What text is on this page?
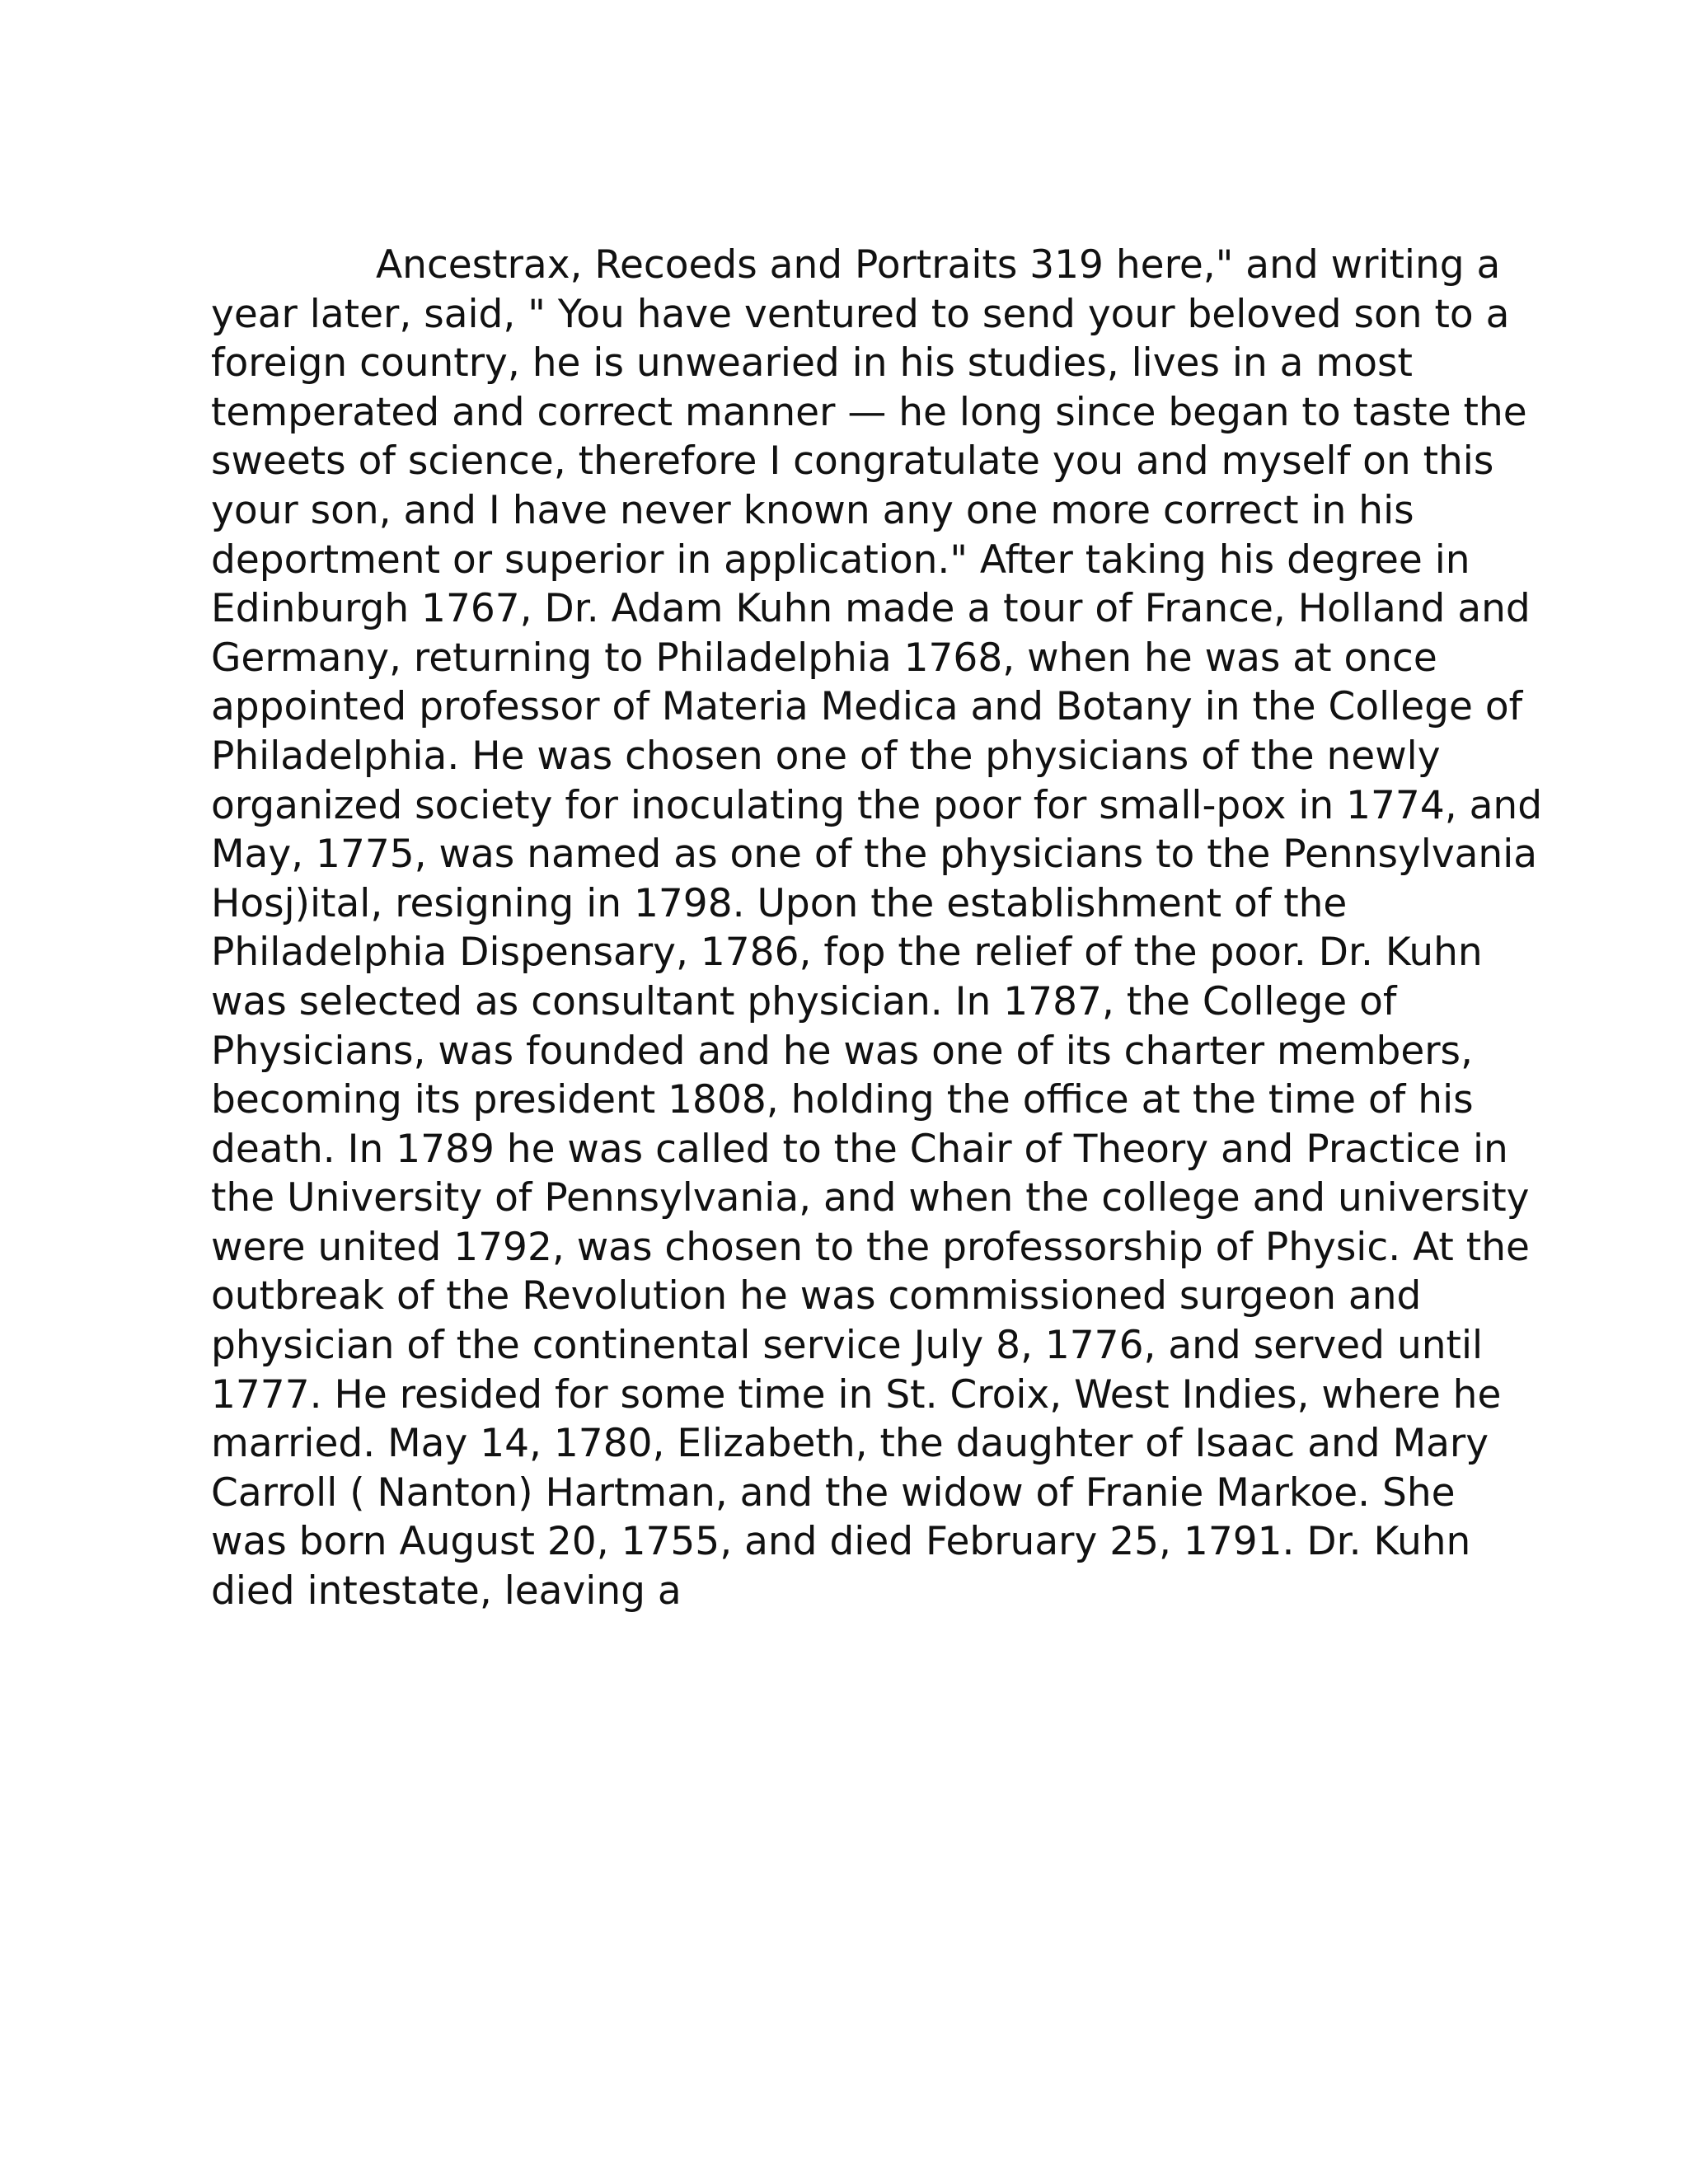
Ancestrax, Recoeds and Portraits 319 here," and writing a
year later, said, " You have ventured to send your beloved son to a
foreign country, he is unwearied in his studies, lives in a most
temperated and correct manner — he long since began to taste the
sweets of science, therefore I congratulate you and myself on this
your son, and I have never known any one more correct in his
deportment or superior in application." After taking his degree in
Edinburgh 1767, Dr. Adam Kuhn made a tour of France, Holland and
Germany, returning to Philadelphia 1768, when he was at once
appointed professor of Materia Medica and Botany in the College of
Philadelphia. He was chosen one of the physicians of the newly
organized society for inoculating the poor for small-pox in 1774, and
May, 1775, was named as one of the physicians to the Pennsylvania
Hosj)ital, resigning in 1798. Upon the establishment of the
Philadelphia Dispensary, 1786, fop the relief of the poor. Dr. Kuhn
was selected as consultant physician. In 1787, the College of
Physicians, was founded and he was one of its charter members,
becoming its president 1808, holding the office at the time of his
death. In 1789 he was called to the Chair of Theory and Practice in
the University of Pennsylvania, and when the college and university
were united 1792, was chosen to the professorship of Physic. At the
outbreak of the Revolution he was commissioned surgeon and
physician of the continental service July 8, 1776, and served until
1777. He resided for some time in St. Croix, West Indies, where he
married. May 14, 1780, Elizabeth, the daughter of Isaac and Mary
Carroll ( Nanton) Hartman, and the widow of Franie Markoe. She
was born August 20, 1755, and died February 25, 1791. Dr. Kuhn
died intestate, leaving a
